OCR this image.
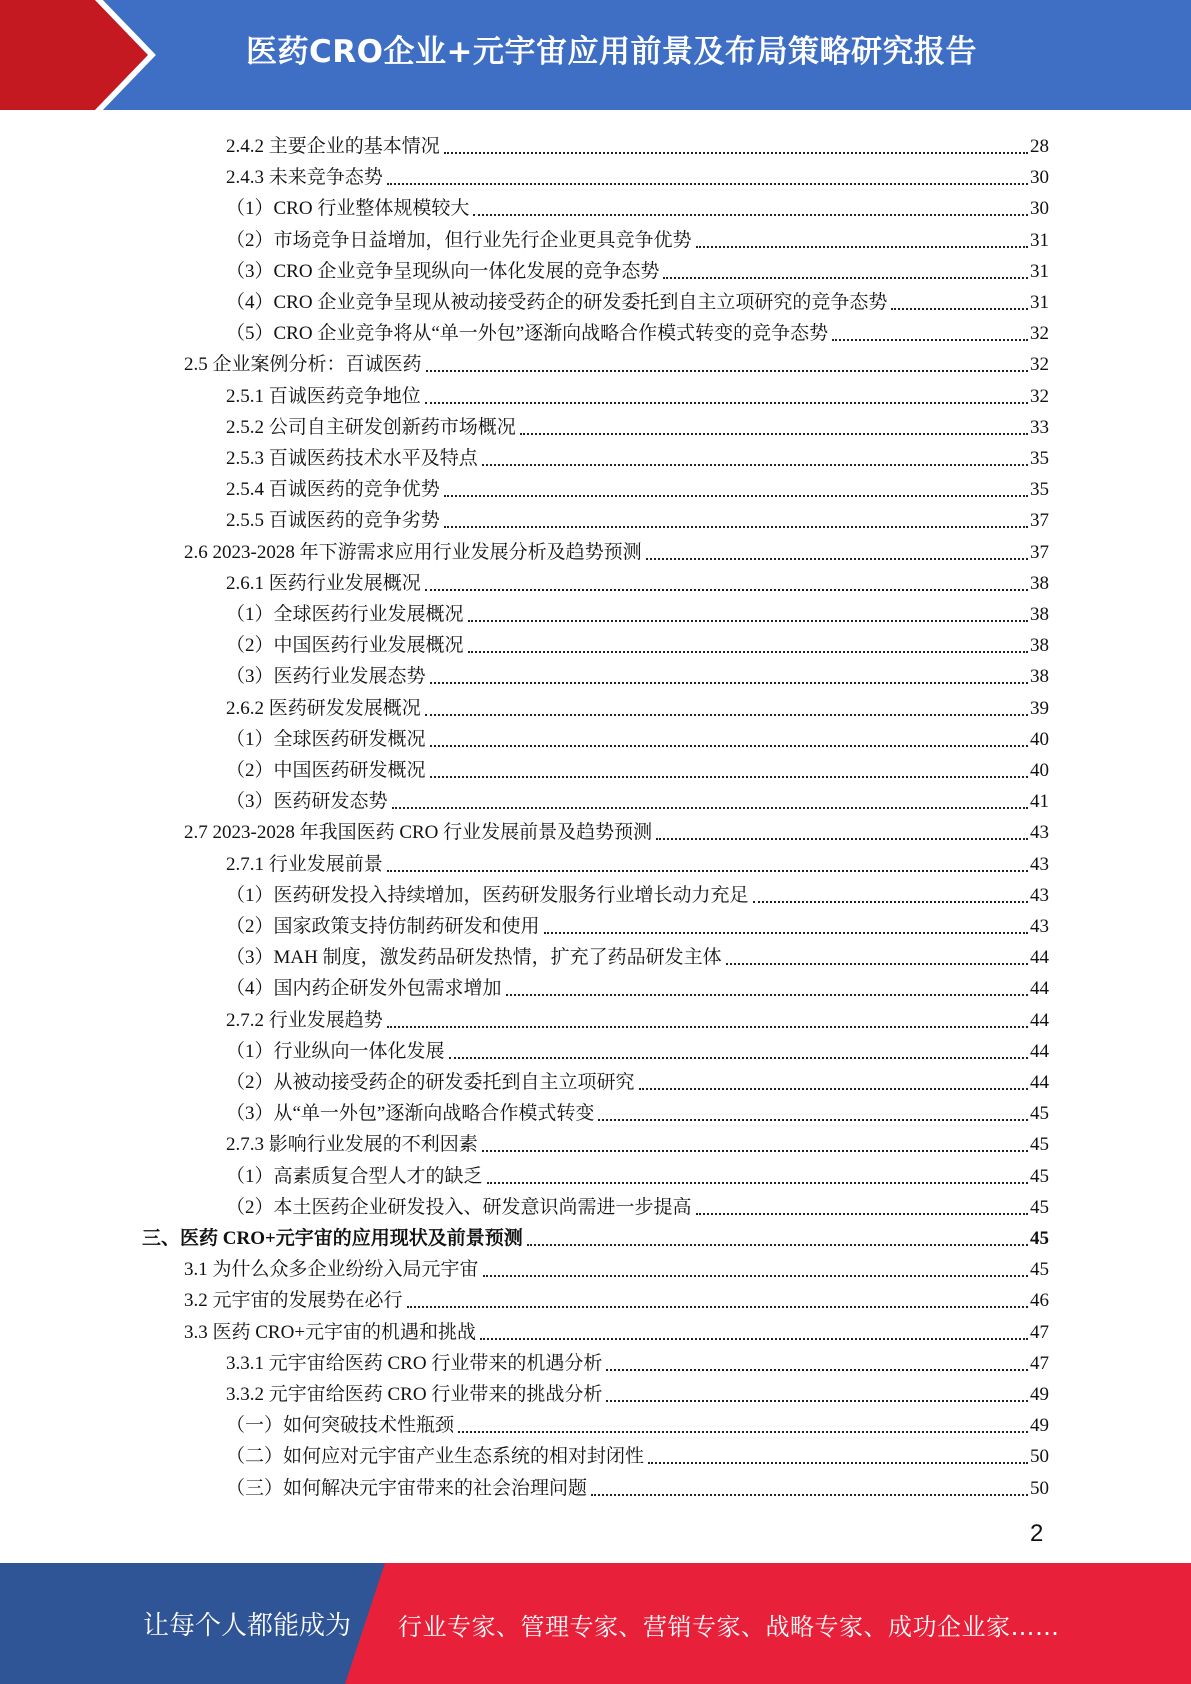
医药CRO企业+元宇宙应用前景及布局策略研究报告
2.4.2 主要企业的基本情况	28
2.4.3 未来竞争态势	30
（1）CRO 行业整体规模较大	30
（2）市场竞争日益增加，但行业先行企业更具竞争优势	31
（3）CRO 企业竞争呈现纵向一体化发展的竞争态势	31
（4）CRO 企业竞争呈现从被动接受药企的研发委托到自主立项研究的竞争态势	31
（5）CRO 企业竞争将从“单一外包”逐渐向战略合作模式转变的竞争态势	32
2.5 企业案例分析：百诚医药	32
2.5.1 百诚医药竞争地位	32
2.5.2 公司自主研发创新药市场概况	33
2.5.3 百诚医药技术水平及特点	35
2.5.4 百诚医药的竞争优势	35
2.5.5 百诚医药的竞争劣势	37
2.6 2023-2028 年下游需求应用行业发展分析及趋势预测	37
2.6.1 医药行业发展概况	38
（1）全球医药行业发展概况	38
（2）中国医药行业发展概况	38
（3）医药行业发展态势	38
2.6.2 医药研发发展概况	39
（1）全球医药研发概况	40
（2）中国医药研发概况	40
（3）医药研发态势	41
2.7 2023-2028 年我国医药 CRO 行业发展前景及趋势预测	43
2.7.1 行业发展前景	43
（1）医药研发投入持续增加，医药研发服务行业增长动力充足	43
（2）国家政策支持仿制药研发和使用	43
（3）MAH 制度，激发药品研发热情，扩充了药品研发主体	44
（4）国内药企研发外包需求增加	44
2.7.2 行业发展趋势	44
（1）行业纵向一体化发展	44
（2）从被动接受药企的研发委托到自主立项研究	44
（3）从“单一外包”逐渐向战略合作模式转变	45
2.7.3 影响行业发展的不利因素	45
（1）高素质复合型人才的缺乏	45
（2）本土医药企业研发投入、研发意识尚需进一步提高	45
三、医药 CRO+元宇宙的应用现状及前景预测	45
3.1 为什么众多企业纷纷入局元宇宙	45
3.2 元宇宙的发展势在必行	46
3.3 医药 CRO+元宇宙的机遇和挑战	47
3.3.1 元宇宙给医药 CRO 行业带来的机遇分析	47
3.3.2 元宇宙给医药 CRO 行业带来的挑战分析	49
（一）如何突破技术性瓶颈	49
（二）如何应对元宇宙产业生态系统的相对封闭性	50
（三）如何解决元宇宙带来的社会治理问题	50
2
让每个人都能成为 行业专家、管理专家、营销专家、战略专家、成功企业家……
